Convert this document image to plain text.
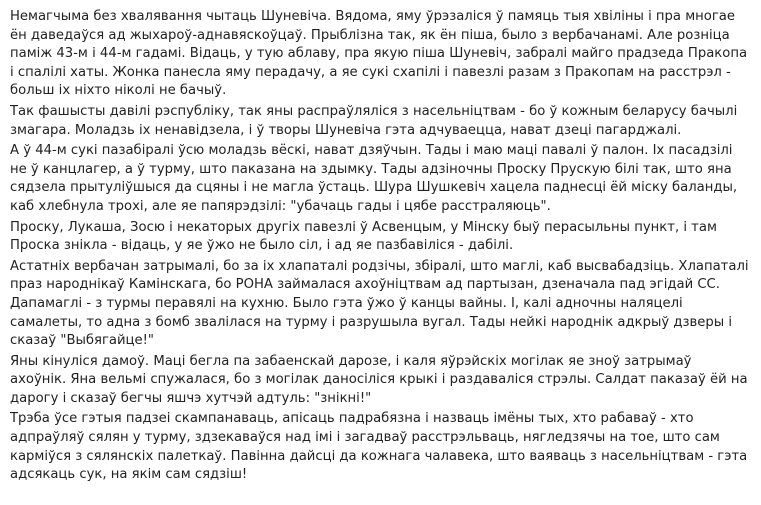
Немагчыма без хвалявання чытаць Шуневіча. Вядома, яму ўрэзаліся ў памяць тыя хвіліны і пра многае ён даведаўся ад жыхароў-аднавяскоўцаў. Прыблізна так, як ён піша, было з вербачанамі. Але розніца паміж 43-м і 44-м гадамі. Відаць, у тую аблаву, пра якую піша Шуневіч, забралі майго прадзеда Пракопа і спалілі хаты. Жонка панесла яму перадачу, а яе сукі схапілі і павезлі разам з Пракопам на расстрэл - больш іх ніхто ніколі не бачыў.

Так фашысты давілі рэспубліку, так яны распраўляліся з насельніцтвам - бо ў кожным беларусу бачылі змагара. Моладзь іх ненавідзела, і ў творы Шуневіча гэта адчуваецца, нават дзеці пагарджалі.

А ў 44-м сукі пазабіралі ўсю моладзь вёскі, нават дзяўчын. Тады і маю маці павалі ў палон. Іх пасадзілі не ў канцлагер, а ў турму, што паказана на здымку. Тады адзіночны Проску Прускую білі так, што яна сядзела прытуліўшыся да сцяны і не магла ўстаць. Шура Шушкевіч хацела паднесці ёй міску баланды, каб хлебнула трохі, але яе папярэдзілі: "убачаць гады і цябе расстраляюць".

Проску, Лукаша, Зосю і некаторых другіх павезлі ў Асвенцым, у Мінску быў перасыльны пункт, і там Проска знікла - відаць, у яе ўжо не было сіл, і ад яе пазбавіліся - дабілі.

Астатніх вербачан затрымалі, бо за іх хлапаталі родзічы, збіралі, што маглі, каб высвабадзіць. Хлапаталі праз народнікаў Камінскага, бо РОНА займалася ахоўніцтвам ад партызан, дзеначала пад эгідай СС. Дапамаглі - з турмы перавялі на кухню. Было гэта ўжо ў канцы вайны. І, калі адночны наляцелі самалеты, то адна з бомб звалілася на турму і разрушыла вугал. Тады нейкі народнік адкрыў дзверы і сказаў "Выбягайце!"

Яны кінуліся дамоў. Маці бегла па забаенскай дарозе, і каля яўрэйскіх могілак яе зноў затрымаў ахоўнік. Яна вельмі спужалася, бо з могілак даносіліся крыкі і раздаваліся стрэлы. Салдат паказаў ёй на дарогу і сказаў бегчы яшчэ хутчэй адтуль: "знікні!"

Трэба ўсе гэтыя падзеі скампанаваць, апісаць падрабязна і назваць імёны тых, хто рабаваў - хто адпраўляў сялян у турму, здзекаваўся над імі і загадваў расстрэльваць, нягледзячы на тое, што сам карміўся з сялянскіх палеткаў. Павінна дайсці да кожнага чалавека, што ваяваць з насельніцтвам - гэта адсякаць сук, на якім сам сядзіш!
